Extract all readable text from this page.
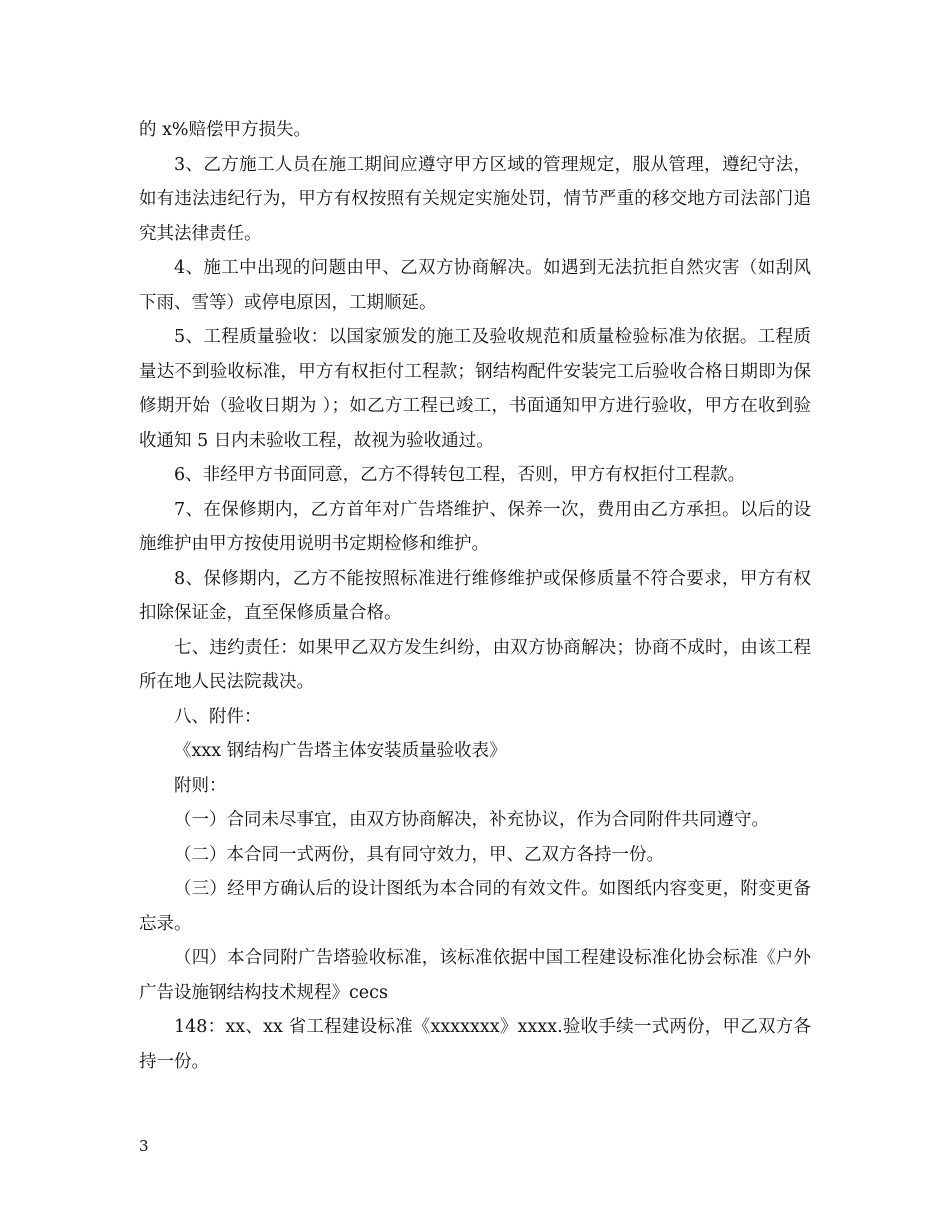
的 x%赔偿甲方损失。

3、乙方施工人员在施工期间应遵守甲方区域的管理规定，服从管理，遵纪守法，如有违法违纪行为，甲方有权按照有关规定实施处罚，情节严重的移交地方司法部门追究其法律责任。

4、施工中出现的问题由甲、乙双方协商解决。如遇到无法抗拒自然灾害（如刮风下雨、雪等）或停电原因，工期顺延。

5、工程质量验收：以国家颁发的施工及验收规范和质量检验标准为依据。工程质量达不到验收标准，甲方有权拒付工程款；钢结构配件安装完工后验收合格日期即为保修期开始（验收日期为 ）；如乙方工程已竣工，书面通知甲方进行验收，甲方在收到验收通知 5 日内未验收工程，故视为验收通过。

6、非经甲方书面同意，乙方不得转包工程，否则，甲方有权拒付工程款。

7、在保修期内，乙方首年对广告塔维护、保养一次，费用由乙方承担。以后的设施维护由甲方按使用说明书定期检修和维护。

8、保修期内，乙方不能按照标准进行维修维护或保修质量不符合要求，甲方有权扣除保证金，直至保修质量合格。

七、违约责任：如果甲乙双方发生纠纷，由双方协商解决；协商不成时，由该工程所在地人民法院裁决。

八、附件：

《xxx 钢结构广告塔主体安装质量验收表》

附则：

（一）合同未尽事宜，由双方协商解决，补充协议，作为合同附件共同遵守。

（二）本合同一式两份，具有同守效力，甲、乙双方各持一份。

（三）经甲方确认后的设计图纸为本合同的有效文件。如图纸内容变更，附变更备忘录。

（四）本合同附广告塔验收标准，该标准依据中国工程建设标准化协会标准《户外广告设施钢结构技术规程》cecs

148：xx、xx 省工程建设标准《xxxxxxx》xxxx.验收手续一式两份，甲乙双方各持一份。

3
